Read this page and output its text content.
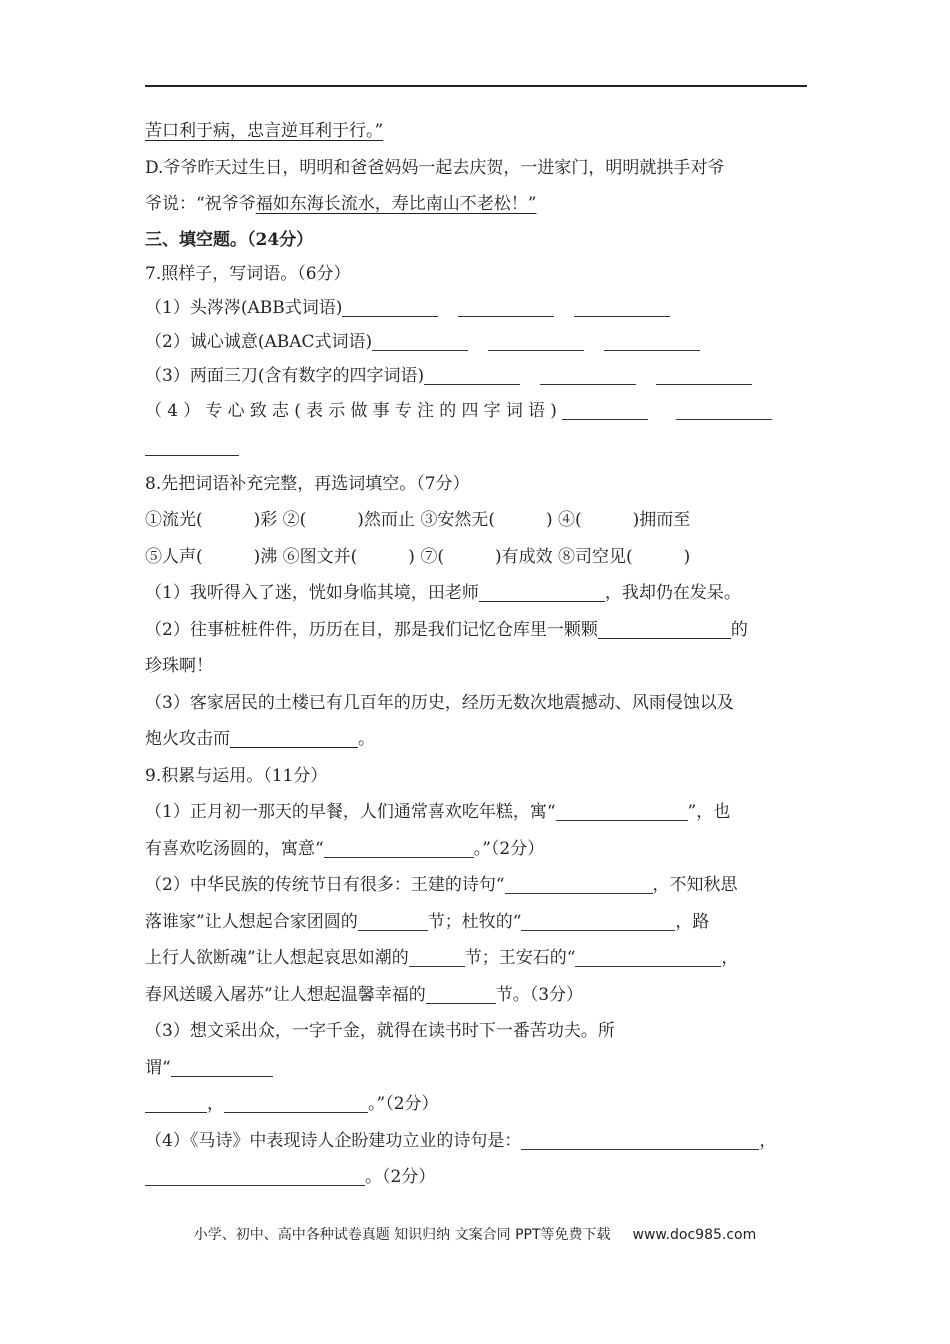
苦口利于病，忠言逆耳利于行。”
D.爷爷昨天过生日，明明和爸爸妈妈一起去庆贺，一进家门，明明就拱手对爷
爷说：“祝爷爷福如东海长流水，寿比南山不老松！”
三、填空题。（24分）
7.照样子，写词语。（6分）
（1）头涔涔(ABB式词语)
（2）诚心诚意(ABAC式词语)
（3）两面三刀(含有数字的四字词语)
（4）专心致志(表示做事专注的四字词语)
8.先把词语补充完整，再选词填空。（7分）
①流光(　　　)彩 ②(　　　)然而止 ③安然无(　　　) ④(　　　)拥而至
⑤人声(　　　)沸 ⑥图文并(　　　) ⑦(　　　)有成效 ⑧司空见(　　　)
（1）我听得入了迷，恍如身临其境，田老师	，我却仍在发呆。
（2）往事桩桩件件，历历在目，那是我们记忆仓库里一颗颗	的
珍珠啊！
（3）客家居民的土楼已有几百年的历史，经历无数次地震撼动、风雨侵蚀以及
炮火攻击而	。
9.积累与运用。（11分）
（1）正月初一那天的早餐，人们通常喜欢吃年糕，寓“	”，也
有喜欢吃汤圆的，寓意“	。”（2分）
（2）中华民族的传统节日有很多：王建的诗句“	，不知秋思
落谁家”让人想起合家团圆的	节；杜牧的“	，路
上行人欲断魂”让人想起哀思如潮的	节；王安石的“	，
春风送暖入屠苏”让人想起温馨幸福的	节。（3分）
（3）想文采出众，一字千金，就得在读书时下一番苦功夫。所
谓“
，	。”（2分）
（4）《马诗》中表现诗人企盼建功立业的诗句是：	，
。（2分）
小学、初中、高中各种试卷真题 知识归纳 文案合同 PPT等免费下载 www.doc985.com
